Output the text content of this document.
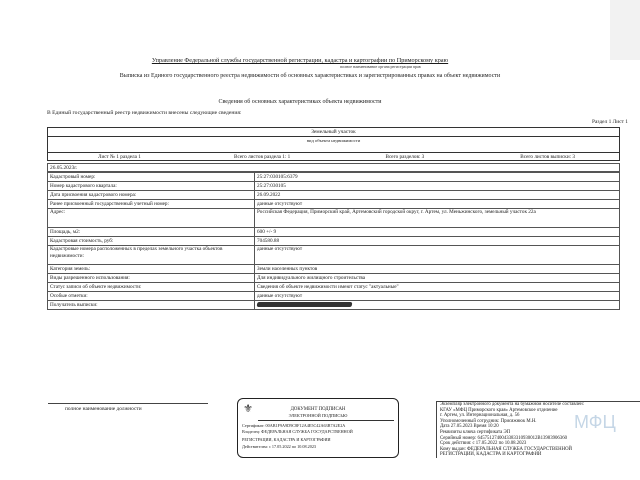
Управление Федеральной службы государственной регистрации, кадастра и картографии по Приморскому краю
полное наименование органа регистрации прав
Выписка из Единого государственного реестра недвижимости об основных характеристиках и зарегистрированных правах на объект недвижимости
Сведения об основных характеристиках объекта недвижимости
В Единый государственный реестр недвижимости внесены следующие сведения:
Раздел 1 Лист 1
Земельный участок
вид объекта недвижимости
Лист № 1 раздела 1	Всего листов раздела 1: 1	Всего разделов: 3	Всего листов выписки: 3
26.05.2023г.
Кадастровый номер:	25:27:030105:6379
Номер кадастрового квартала:	25:27:030105
Дата присвоения кадастрового номера:	26.09.2022
Ранее присвоенный государственный учетный номер:	данные отсутствуют
Адрес:	Российская Федерация, Приморский край, Артемовский городской округ, г. Артем, ул. Меньжинского, земельный участок 22а
Площадь, м2:	600 +/- 9
Кадастровая стоимость, руб:	704580.88
Кадастровые номера расположенных в пределах земельного участка объектов недвижимости:	данные отсутствуют
Категория земель:	Земли населенных пунктов
Виды разрешенного использования:	Для индивидуального жилищного строительства
Статус записи об объекте недвижимости:	Сведения об объекте недвижимости имеют статус "актуальные"
Особые отметки:	данные отсутствуют
Получатель выписки:	
полное наименование должности	⚜	ДОКУМЕНТ ПОДПИСАН
ЭЛЕКТРОННОЙ ПОДПИСЬЮ
Сертификат: 00AB1F9A9D9C8F12A4E5C42A63B7A2E2A
Владелец: ФЕДЕРАЛЬНАЯ СЛУЖБА ГОСУДАРСТВЕННОЙ
РЕГИСТРАЦИИ, КАДАСТРА И КАРТОГРАФИИ
Действителен: с 17.05.2022 по 10.08.2023
Экземпляр электронного документа на бумажном носителе составлен:
КГАУ «МФЦ Приморского края» Артемовское отделение
г. Артем, ул. Интернациональная, д. 56
Уполномоченный сотрудник: Присяжнюк М.Н.
Дата 27.05.2023 Время 10:20
Реквизиты ключа сертификата ЭП
Серийный номер: 6457512740043383310930012B13983906360
Срок действия: с 17.05.2022 по 10.08.2023
Кому выдан: ФЕДЕРАЛЬНАЯ СЛУЖБА ГОСУДАРСТВЕННОЙ
РЕГИСТРАЦИИ, КАДАСТРА И КАРТОГРАФИИ
МФЦ
